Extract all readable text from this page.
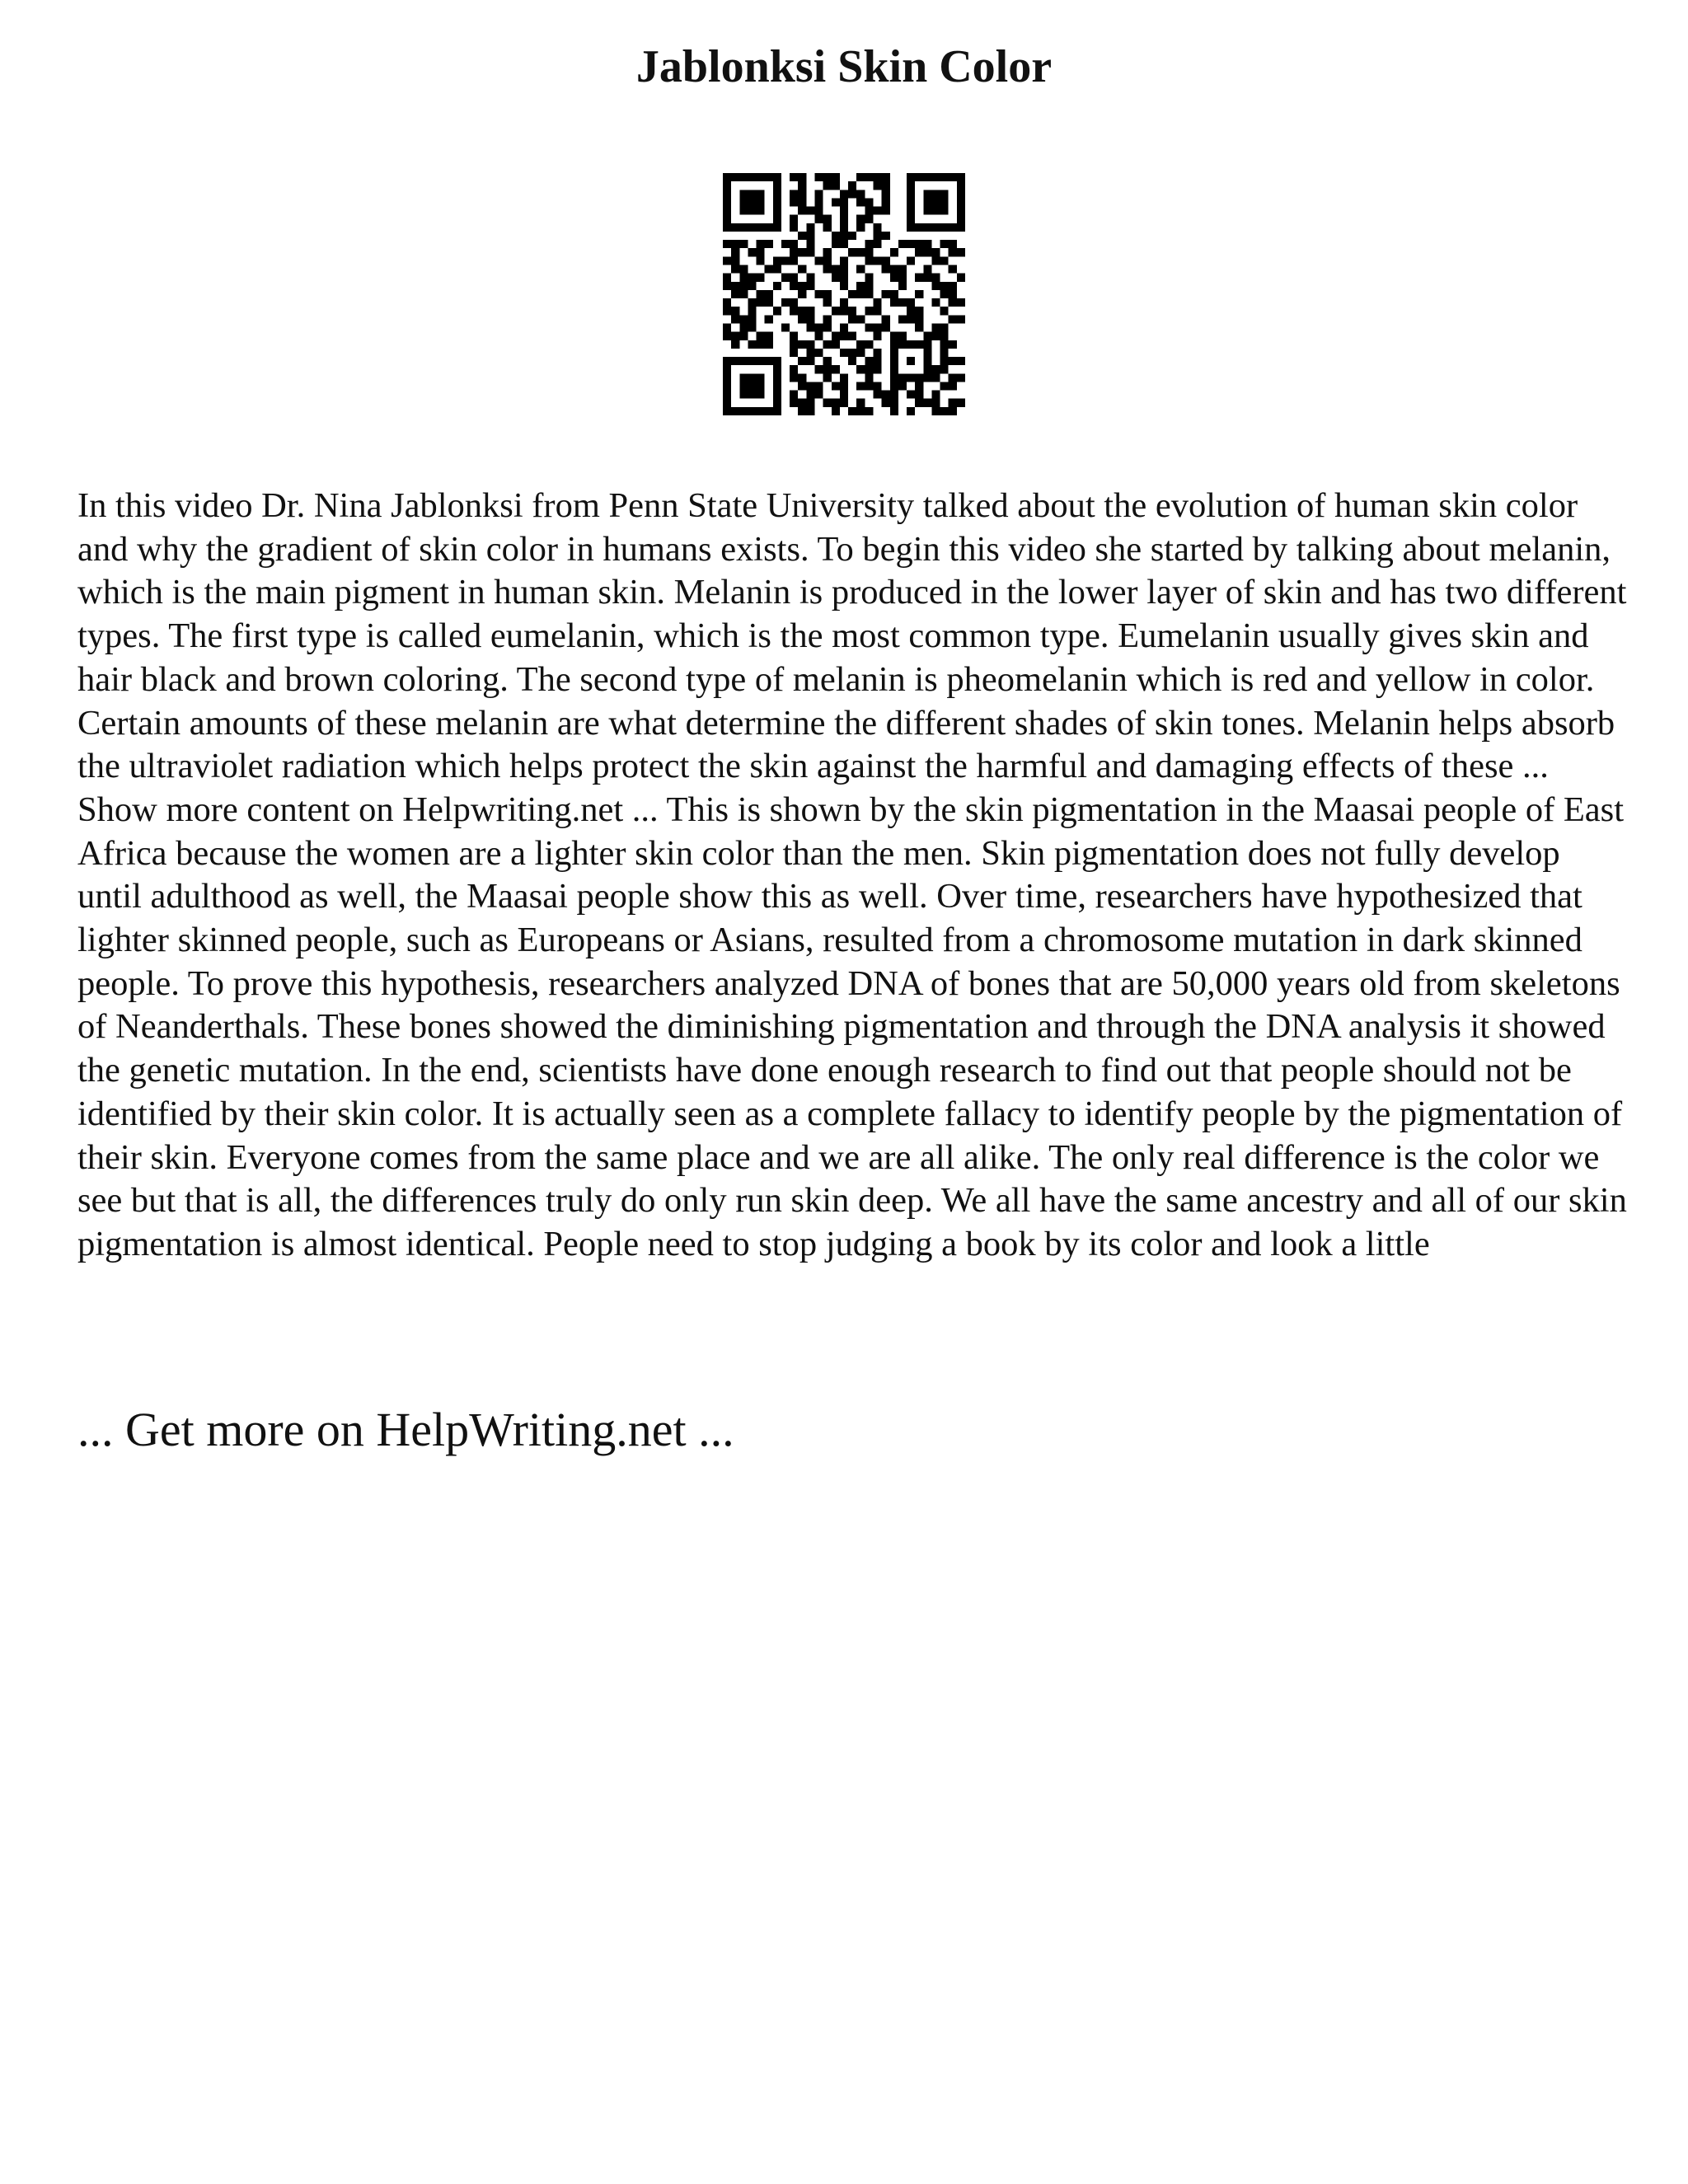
Jablonksi Skin Color

In this video Dr. Nina Jablonksi from Penn State University talked about the evolution of human skin color and why the gradient of skin color in humans exists. To begin this video she started by talking about melanin, which is the main pigment in human skin. Melanin is produced in the lower layer of skin and has two different types. The first type is called eumelanin, which is the most common type. Eumelanin usually gives skin and hair black and brown coloring. The second type of melanin is pheomelanin which is red and yellow in color. Certain amounts of these melanin are what determine the different shades of skin tones. Melanin helps absorb the ultraviolet radiation which helps protect the skin against the harmful and damaging effects of these ... Show more content on Helpwriting.net ... This is shown by the skin pigmentation in the Maasai people of East Africa because the women are a lighter skin color than the men. Skin pigmentation does not fully develop until adulthood as well, the Maasai people show this as well. Over time, researchers have hypothesized that lighter skinned people, such as Europeans or Asians, resulted from a chromosome mutation in dark skinned people. To prove this hypothesis, researchers analyzed DNA of bones that are 50,000 years old from skeletons of Neanderthals. These bones showed the diminishing pigmentation and through the DNA analysis it showed the genetic mutation. In the end, scientists have done enough research to find out that people should not be identified by their skin color. It is actually seen as a complete fallacy to identify people by the pigmentation of their skin. Everyone comes from the same place and we are all alike. The only real difference is the color we see but that is all, the differences truly do only run skin deep. We all have the same ancestry and all of our skin pigmentation is almost identical. People need to stop judging a book by its color and look a little

... Get more on HelpWriting.net ...
